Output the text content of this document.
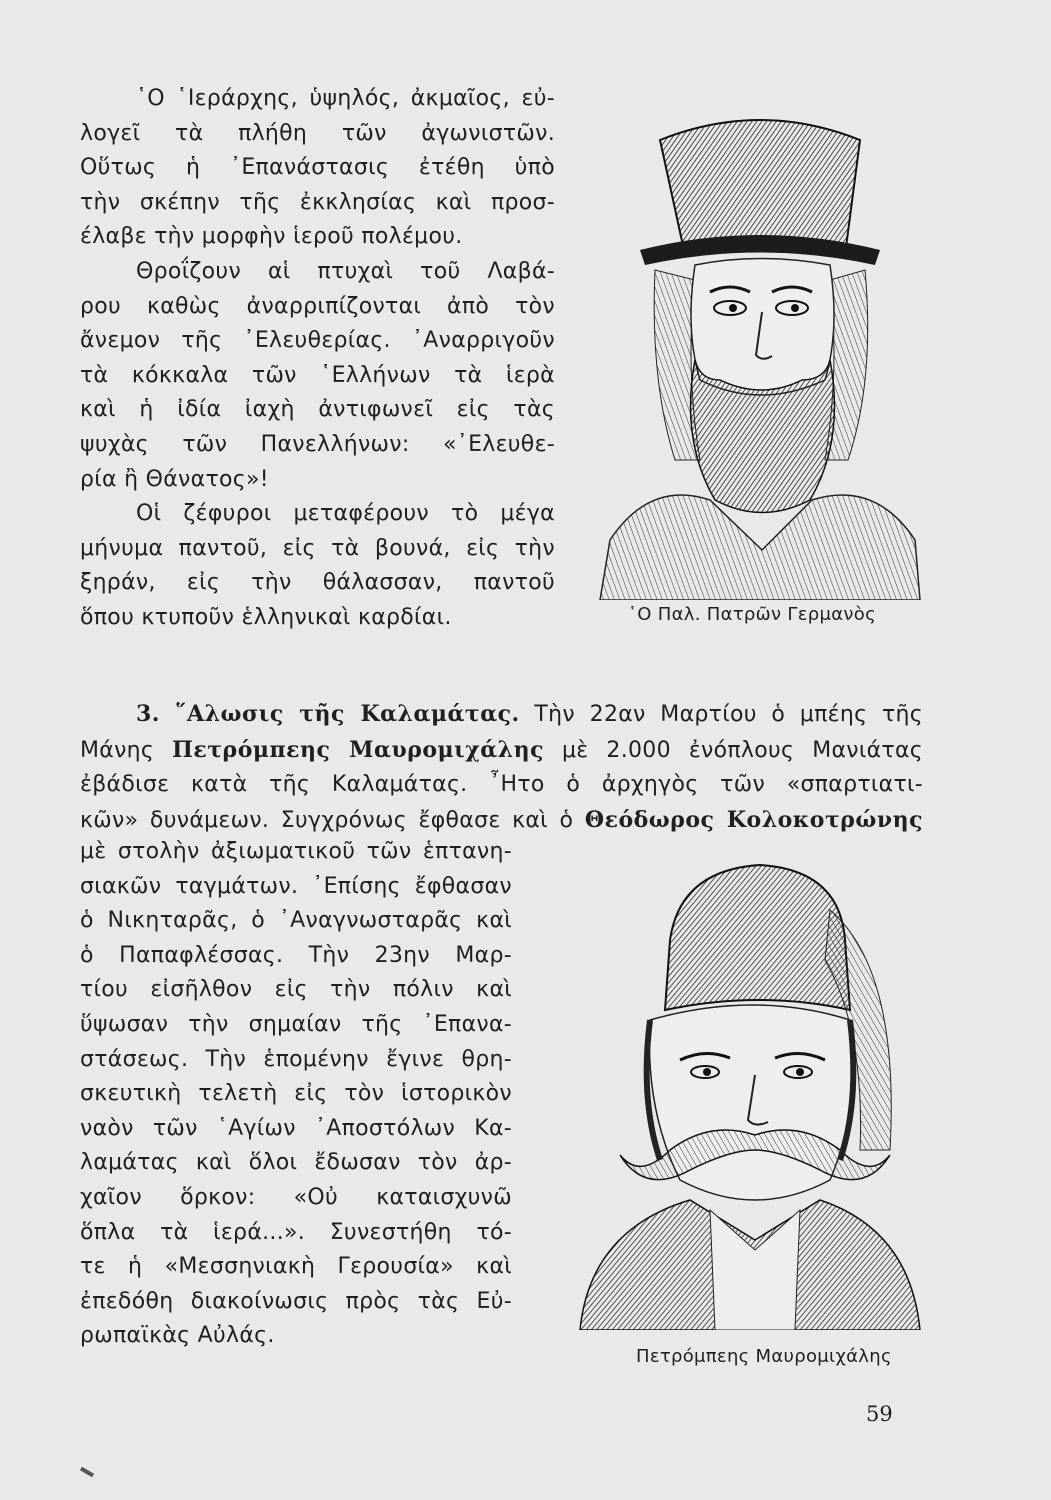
῾Ο ῾Ιεράρχης, ὑψηλός, ἀκμαῖος, εὐ-
λογεῖ τὰ πλήθη τῶν ἀγωνιστῶν.
Οὕτως ἡ ᾿Επανάστασις ἐτέθη ὑπὸ
τὴν σκέπην τῆς ἐκκλησίας καὶ προσ-
έλαβε τὴν μορφὴν ἱεροῦ πολέμου.
Θροΐζουν αἱ πτυχαὶ τοῦ Λαβά-
ρου καθὼς ἀναρριπίζονται ἀπὸ τὸν
ἄνεμον τῆς ᾿Ελευθερίας. ᾿Αναρριγοῦν
τὰ κόκκαλα τῶν ῾Ελλήνων τὰ ἱερὰ
καὶ ἡ ἰδία ἰαχὴ ἀντιφωνεῖ εἰς τὰς
ψυχὰς τῶν Πανελλήνων: «᾿Ελευθε-
ρία ἢ Θάνατος»!
Οἱ ζέφυροι μεταφέρουν τὸ μέγα
μήνυμα παντοῦ, εἰς τὰ βουνά, εἰς τὴν
ξηράν, εἰς τὴν θάλασσαν, παντοῦ
ὅπου κτυποῦν ἑλληνικαὶ καρδίαι.	῾Ο Παλ. Πατρῶν Γερμανὸς
3. ῞Αλωσις τῆς Καλαμάτας. Τὴν 22αν Μαρτίου ὁ μπέης τῆς
Μάνης Πετρόμπεης Μαυρομιχάλης μὲ 2.000 ἐνόπλους Μανιάτας
ἐβάδισε κατὰ τῆς Καλαμάτας. ῏Ητο ὁ ἀρχηγὸς τῶν «σπαρτιατι-
κῶν» δυνάμεων. Συγχρόνως ἔφθασε καὶ ὁ Θεόδωρος Κολοκοτρώνης
μὲ στολὴν ἀξιωματικοῦ τῶν ἑπτανη-
σιακῶν ταγμάτων. ᾿Επίσης ἔφθασαν
ὁ Νικηταρᾶς, ὁ ᾿Αναγνωσταρᾶς καὶ
ὁ Παπαφλέσσας. Τὴν 23ην Μαρ-
τίου εἰσῆλθον εἰς τὴν πόλιν καὶ
ὕψωσαν τὴν σημαίαν τῆς ᾿Επανα-
στάσεως. Τὴν ἑπομένην ἔγινε θρη-
σκευτικὴ τελετὴ εἰς τὸν ἱστορικὸν
ναὸν τῶν ῾Αγίων ᾿Αποστόλων Κα-
λαμάτας καὶ ὅλοι ἔδωσαν τὸν ἀρ-
χαῖον ὅρκον: «Οὐ καταισχυνῶ
ὅπλα τὰ ἱερά...». Συνεστήθη τό-
τε ἡ «Μεσσηνιακὴ Γερουσία» καὶ
ἐπεδόθη διακοίνωσις πρὸς τὰς Εὐ-
ρωπαϊκὰς Αὐλάς.
Πετρόμπεης Μαυρομιχάλης
59
